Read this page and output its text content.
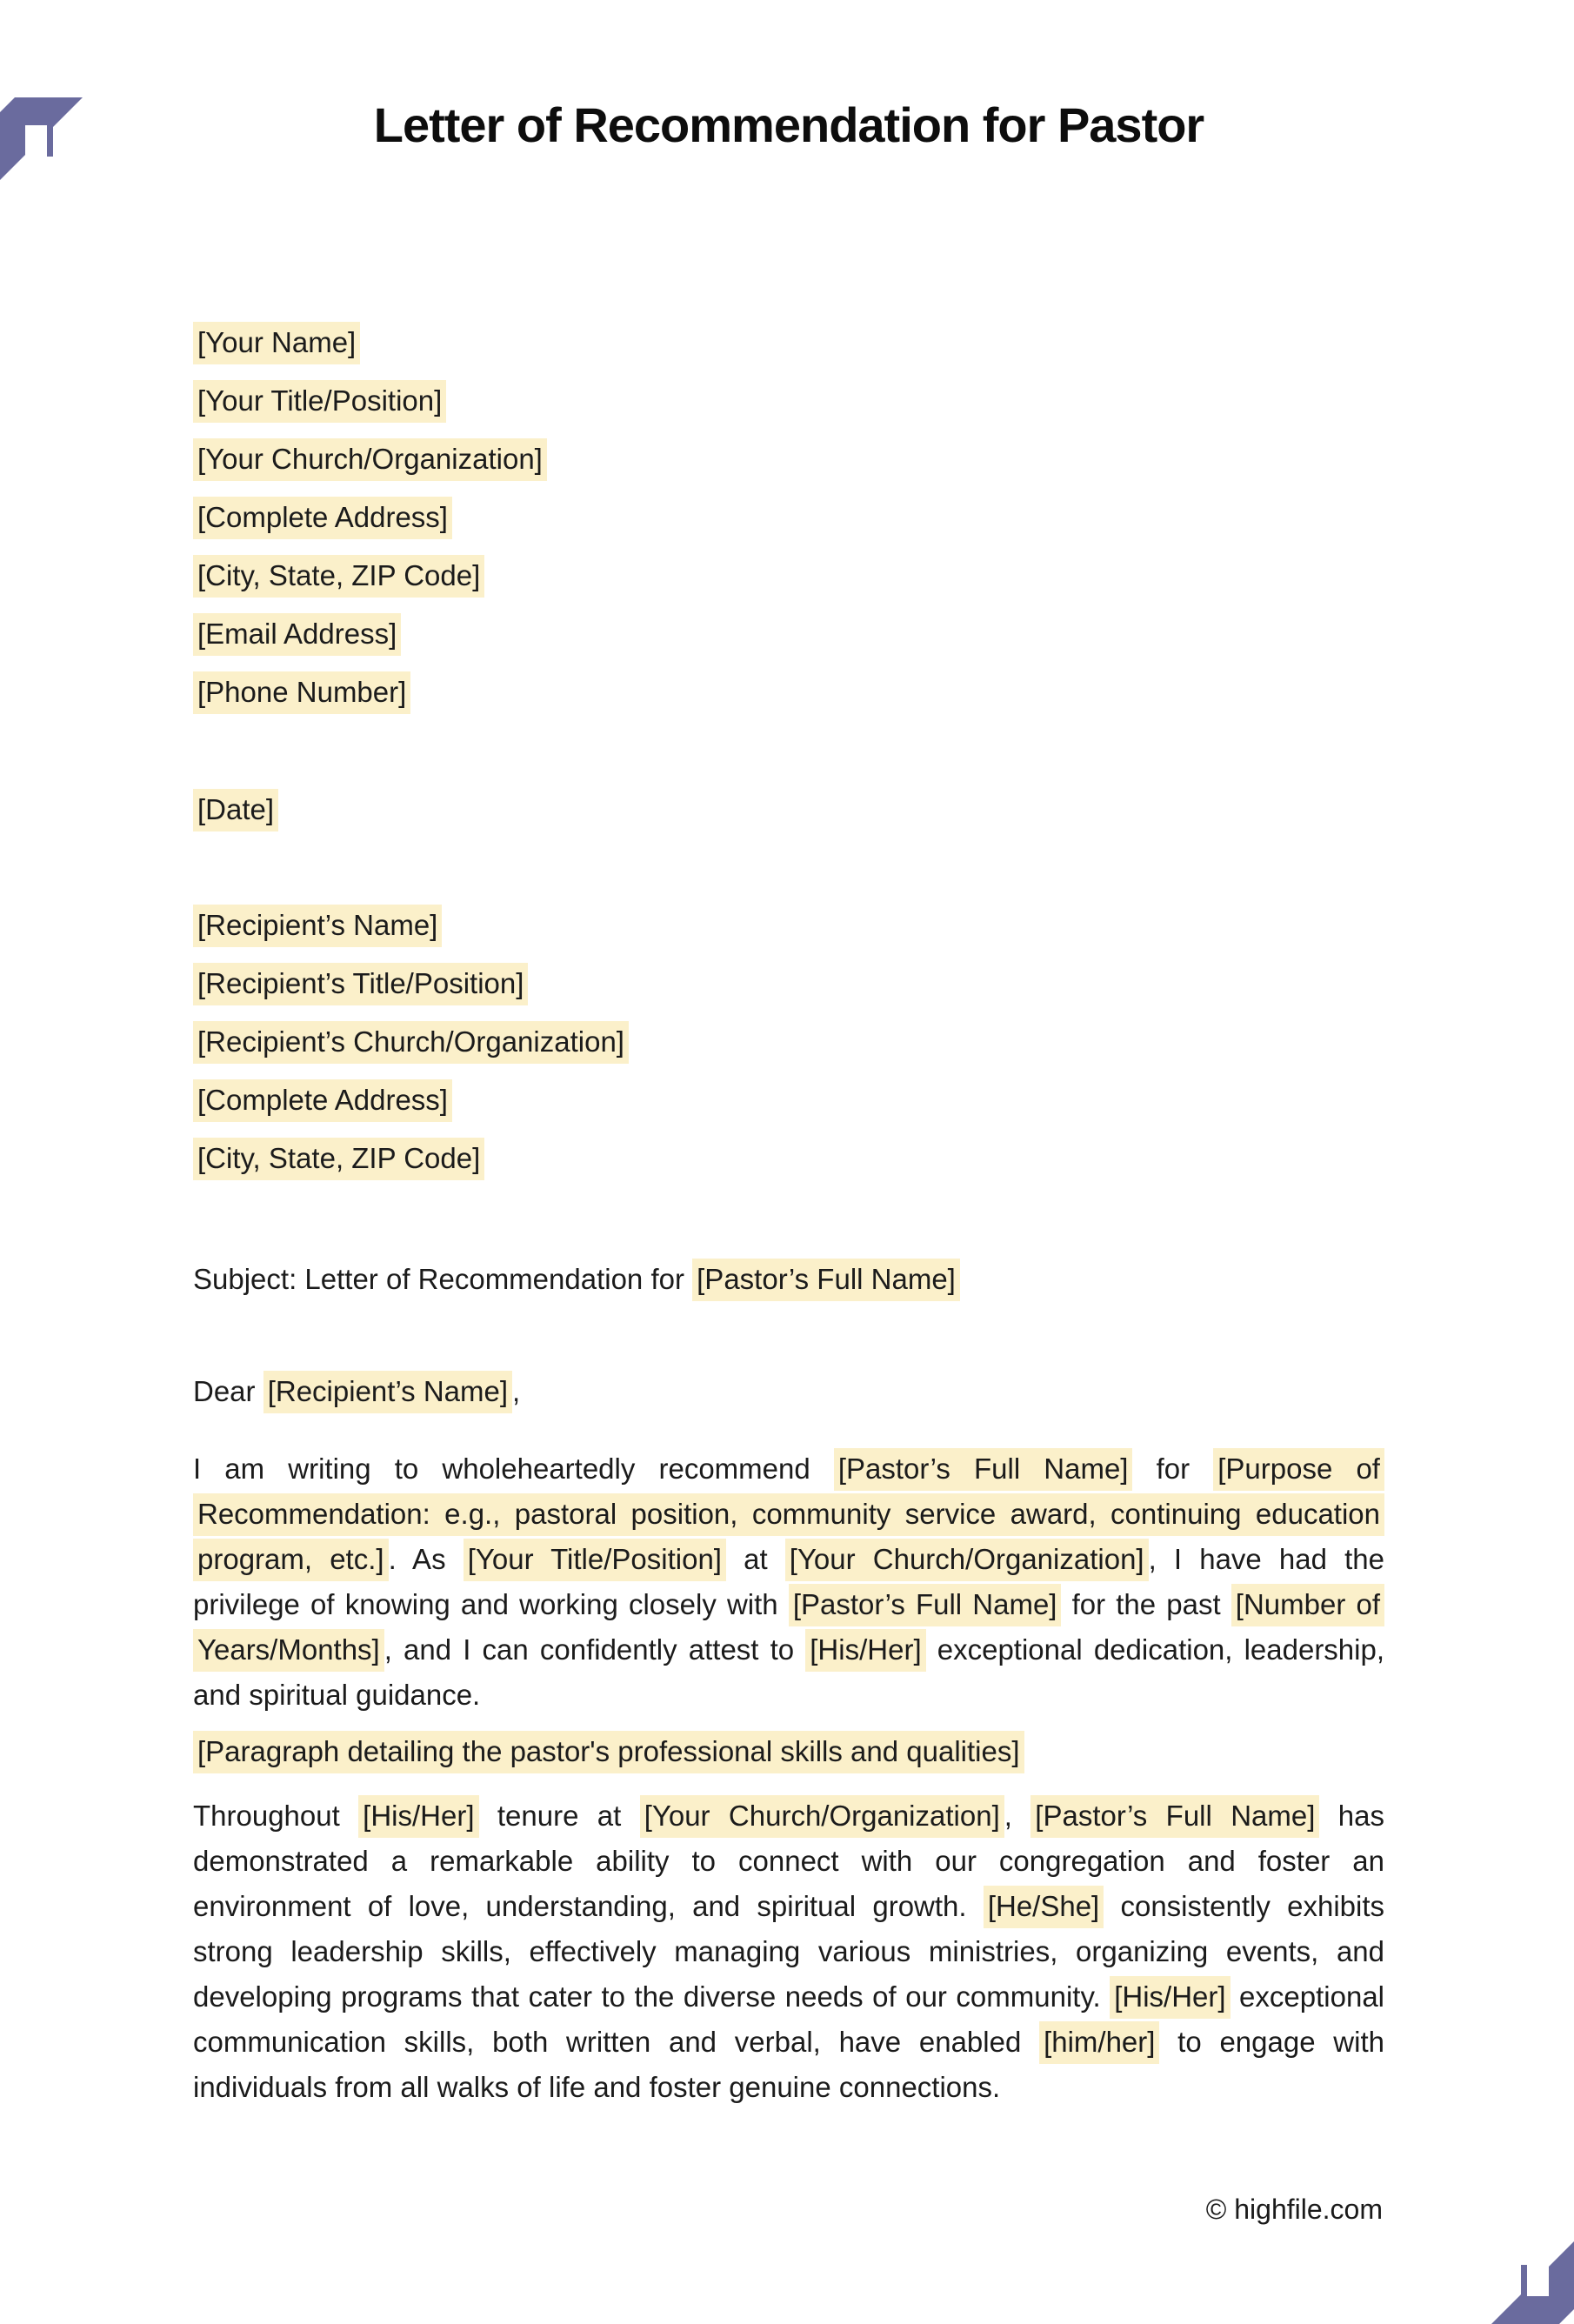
Letter of Recommendation for Pastor
[Your Name]
[Your Title/Position]
[Your Church/Organization]
[Complete Address]
[City, State, ZIP Code]
[Email Address]
[Phone Number]
[Date]
[Recipient’s Name]
[Recipient’s Title/Position]
[Recipient’s Church/Organization]
[Complete Address]
[City, State, ZIP Code]
Subject: Letter of Recommendation for [Pastor’s Full Name]
Dear [Recipient’s Name] ,
I am writing to wholeheartedly recommend [Pastor’s Full Name] for [Purpose of Recommendation: e.g., pastoral position, community service award, continuing education program, etc.] . As [Your Title/Position] at [Your Church/Organization] , I have had the privilege of knowing and working closely with [Pastor’s Full Name] for the past [Number of Years/Months] , and I can confidently attest to [His/Her] exceptional dedication, leadership, and spiritual guidance.
[Paragraph detailing the pastor's professional skills and qualities]
Throughout [His/Her] tenure at [Your Church/Organization] , [Pastor’s Full Name] has demonstrated a remarkable ability to connect with our congregation and foster an environment of love, understanding, and spiritual growth. [He/She] consistently exhibits strong leadership skills, effectively managing various ministries, organizing events, and developing programs that cater to the diverse needs of our community. [His/Her] exceptional communication skills, both written and verbal, have enabled [him/her] to engage with individuals from all walks of life and foster genuine connections.
© highfile.com
